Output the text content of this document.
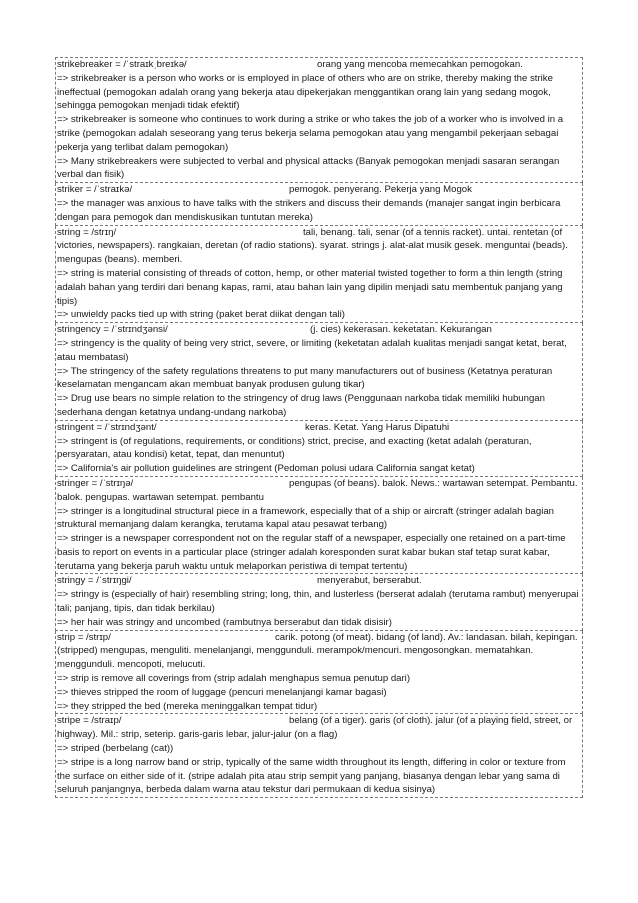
strikebreaker = /ˈstraɪkˌbreɪkə/	orang yang mencoba memecahkan pemogokan.
=> strikebreaker is a person who works or is employed in place of others who are on strike, thereby making the strike ineffectual (pemogokan adalah orang yang bekerja atau dipekerjakan menggantikan orang lain yang sedang mogok, sehingga pemogokan menjadi tidak efektif)
=> strikebreaker is someone who continues to work during a strike or who takes the job of a worker who is involved in a strike (pemogokan adalah seseorang yang terus bekerja selama pemogokan atau yang mengambil pekerjaan sebagai pekerja yang terlibat dalam pemogokan)
=> Many strikebreakers were subjected to verbal and physical attacks (Banyak pemogokan menjadi sasaran serangan verbal dan fisik)
striker = /ˈstraɪkə/	pemogok. penyerang. Pekerja yang Mogok
=> the manager was anxious to have talks with the strikers and discuss their demands (manajer sangat ingin berbicara dengan para pemogok dan mendiskusikan tuntutan mereka)
string = /strɪŋ/	tali, benang. tali, senar (of a tennis racket). untai. rentetan (of victories, newspapers). rangkaian, deretan (of radio stations). syarat. strings j. alat-alat musik gesek. menguntai (beads). mengupas (beans). memberi.
=> string is material consisting of threads of cotton, hemp, or other material twisted together to form a thin length (string adalah bahan yang terdiri dari benang kapas, rami, atau bahan lain yang dipilin menjadi satu membentuk panjang yang tipis)
=> unwieldy packs tied up with string (paket berat diikat dengan tali)
stringency = /ˈstrɪndʒənsi/	(j. cies) kekerasan. keketatan. Kekurangan
=> stringency is the quality of being very strict, severe, or limiting (keketatan adalah kualitas menjadi sangat ketat, berat, atau membatasi)
=> The stringency of the safety regulations threatens to put many manufacturers out of business (Ketatnya peraturan keselamatan mengancam akan membuat banyak produsen gulung tikar)
=> Drug use bears no simple relation to the stringency of drug laws (Penggunaan narkoba tidak memiliki hubungan sederhana dengan ketatnya undang-undang narkoba)
stringent = /ˈstrɪndʒənt/	keras. Ketat. Yang Harus Dipatuhi
=> stringent is (of regulations, requirements, or conditions) strict, precise, and exacting (ketat adalah (peraturan, persyaratan, atau kondisi) ketat, tepat, dan menuntut)
=> California's air pollution guidelines are stringent (Pedoman polusi udara California sangat ketat)
stringer = /ˈstrɪŋə/	pengupas (of beans). balok. News.: wartawan setempat. Pembantu. balok. pengupas. wartawan setempat. pembantu
=> stringer is a longitudinal structural piece in a framework, especially that of a ship or aircraft (stringer adalah bagian struktural memanjang dalam kerangka, terutama kapal atau pesawat terbang)
=> stringer is a newspaper correspondent not on the regular staff of a newspaper, especially one retained on a part-time basis to report on events in a particular place (stringer adalah koresponden surat kabar bukan staf tetap surat kabar, terutama yang bekerja paruh waktu untuk melaporkan peristiwa di tempat tertentu)
stringy = /ˈstrɪŋgi/	menyerabut, berserabut.
=> stringy is (especially of hair) resembling string; long, thin, and lusterless (berserat adalah (terutama rambut) menyerupai tali; panjang, tipis, dan tidak berkilau)
=> her hair was stringy and uncombed (rambutnya berserabut dan tidak disisir)
strip = /strɪp/	carik. potong (of meat). bidang (of land). Av.: landasan. bilah, kepingan. (stripped) mengupas, menguliti. menelanjangi, menggunduli. merampok/mencuri. mengosongkan. mematahkan. menggunduli. mencopoti, melucuti.
=> strip is remove all coverings from (strip adalah menghapus semua penutup dari)
=> thieves stripped the room of luggage (pencuri menelanjangi kamar bagasi)
=> they stripped the bed (mereka meninggalkan tempat tidur)
stripe = /straɪp/	belang (of a tiger). garis (of cloth). jalur (of a playing field, street, or highway). Mil.: strip, seterip. garis-garis lebar, jalur-jalur (on a flag)
=> striped (berbelang (cat))
=> stripe is a long narrow band or strip, typically of the same width throughout its length, differing in color or texture from the surface on either side of it. (stripe adalah pita atau strip sempit yang panjang, biasanya dengan lebar yang sama di seluruh panjangnya, berbeda dalam warna atau tekstur dari permukaan di kedua sisinya)
